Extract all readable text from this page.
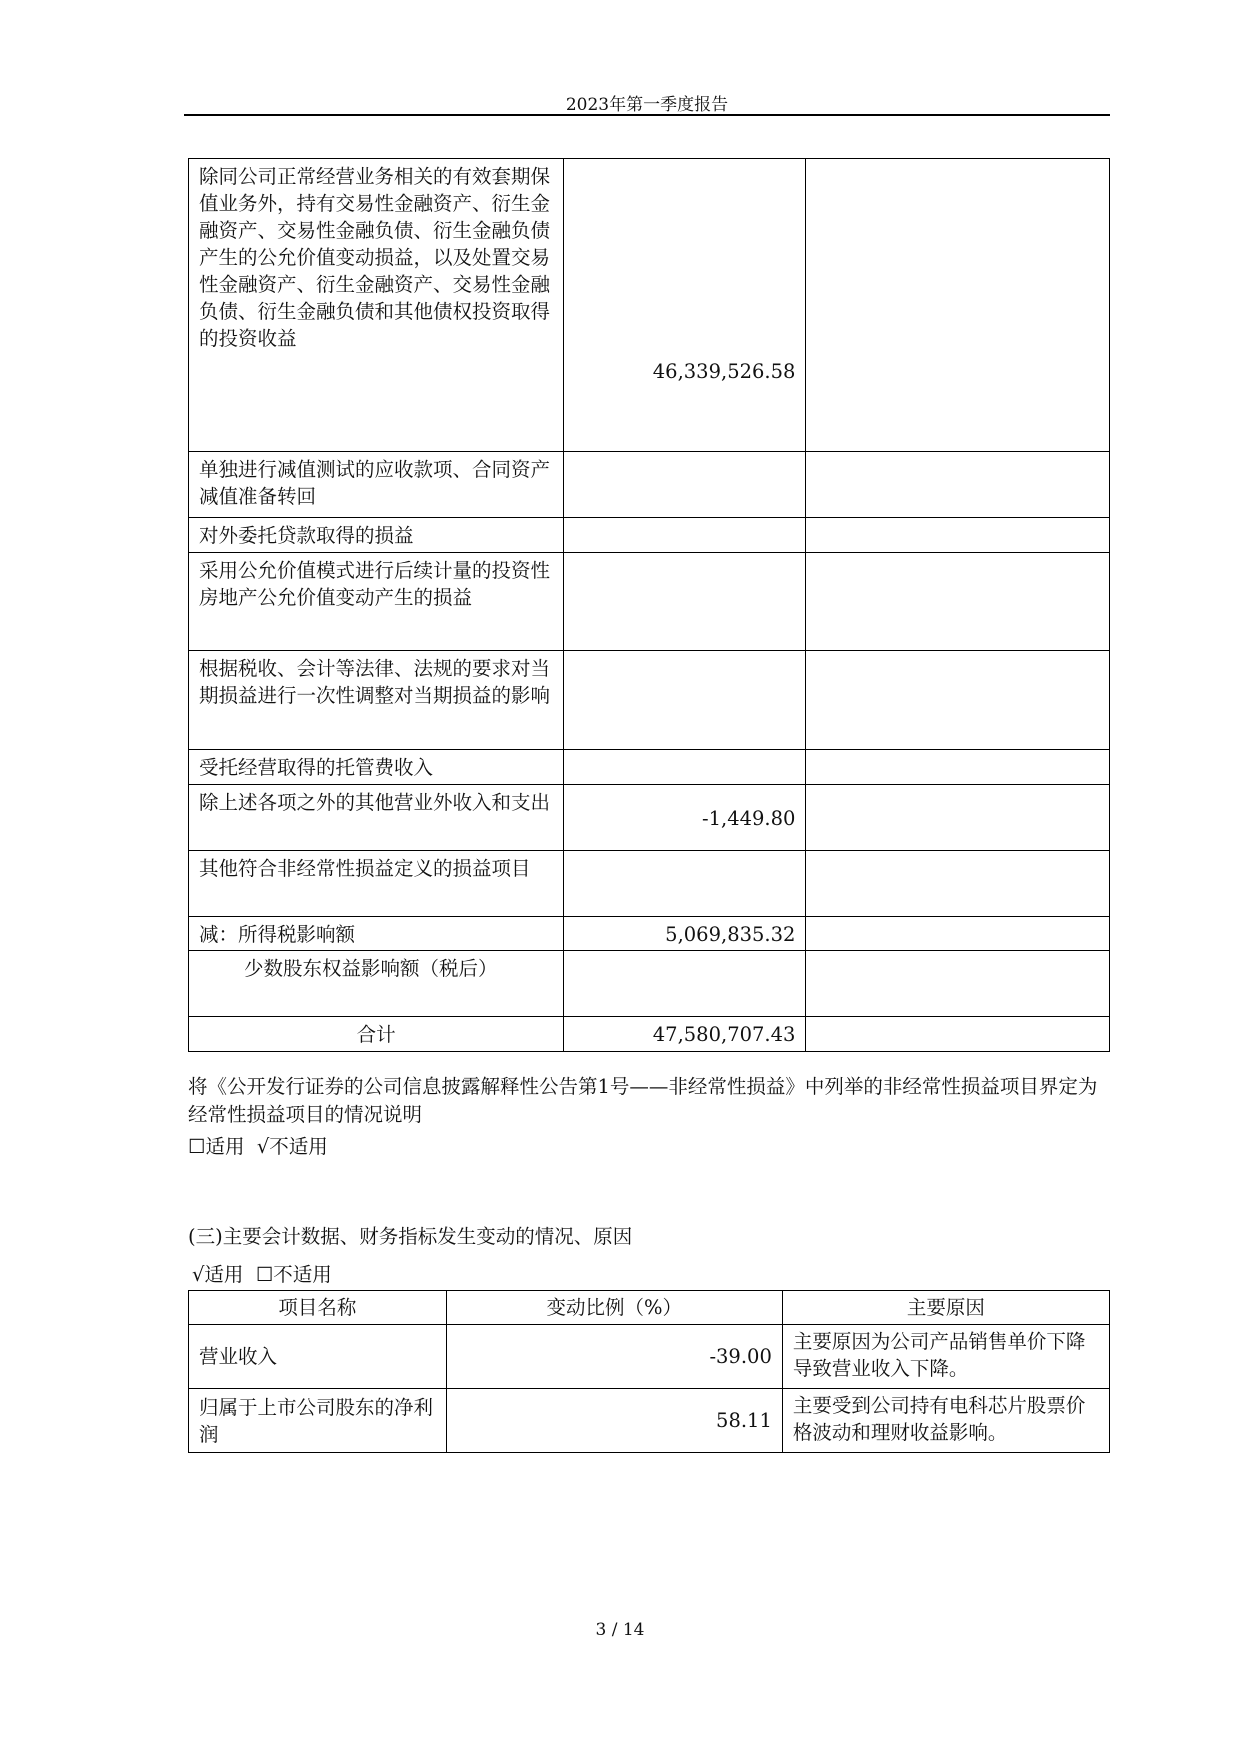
2023年第一季度报告
除同公司正常经营业务相关的有效套期保值业务外，持有交易性金融资产、衍生金融资产、交易性金融负债、衍生金融负债产生的公允价值变动损益，以及处置交易性金融资产、衍生金融资产、交易性金融负债、衍生金融负债和其他债权投资取得的投资收益	46,339,526.58	
单独进行减值测试的应收款项、合同资产减值准备转回		
对外委托贷款取得的损益		
采用公允价值模式进行后续计量的投资性房地产公允价值变动产生的损益		
根据税收、会计等法律、法规的要求对当期损益进行一次性调整对当期损益的影响		
受托经营取得的托管费收入		
除上述各项之外的其他营业外收入和支出	-1,449.80	
其他符合非经常性损益定义的损益项目		
减：所得税影响额	5,069,835.32	
少数股东权益影响额（税后）		
合计	47,580,707.43	
将《公开发行证券的公司信息披露解释性公告第1号——非经常性损益》中列举的非经常性损益项目界定为经常性损益项目的情况说明
☐适用  √不适用
(三)主要会计数据、财务指标发生变动的情况、原因
√适用  ☐不适用
项目名称	变动比例（%）	主要原因
营业收入	-39.00	主要原因为公司产品销售单价下降导致营业收入下降。
归属于上市公司股东的净利润	58.11	主要受到公司持有电科芯片股票价格波动和理财收益影响。
3 / 14
